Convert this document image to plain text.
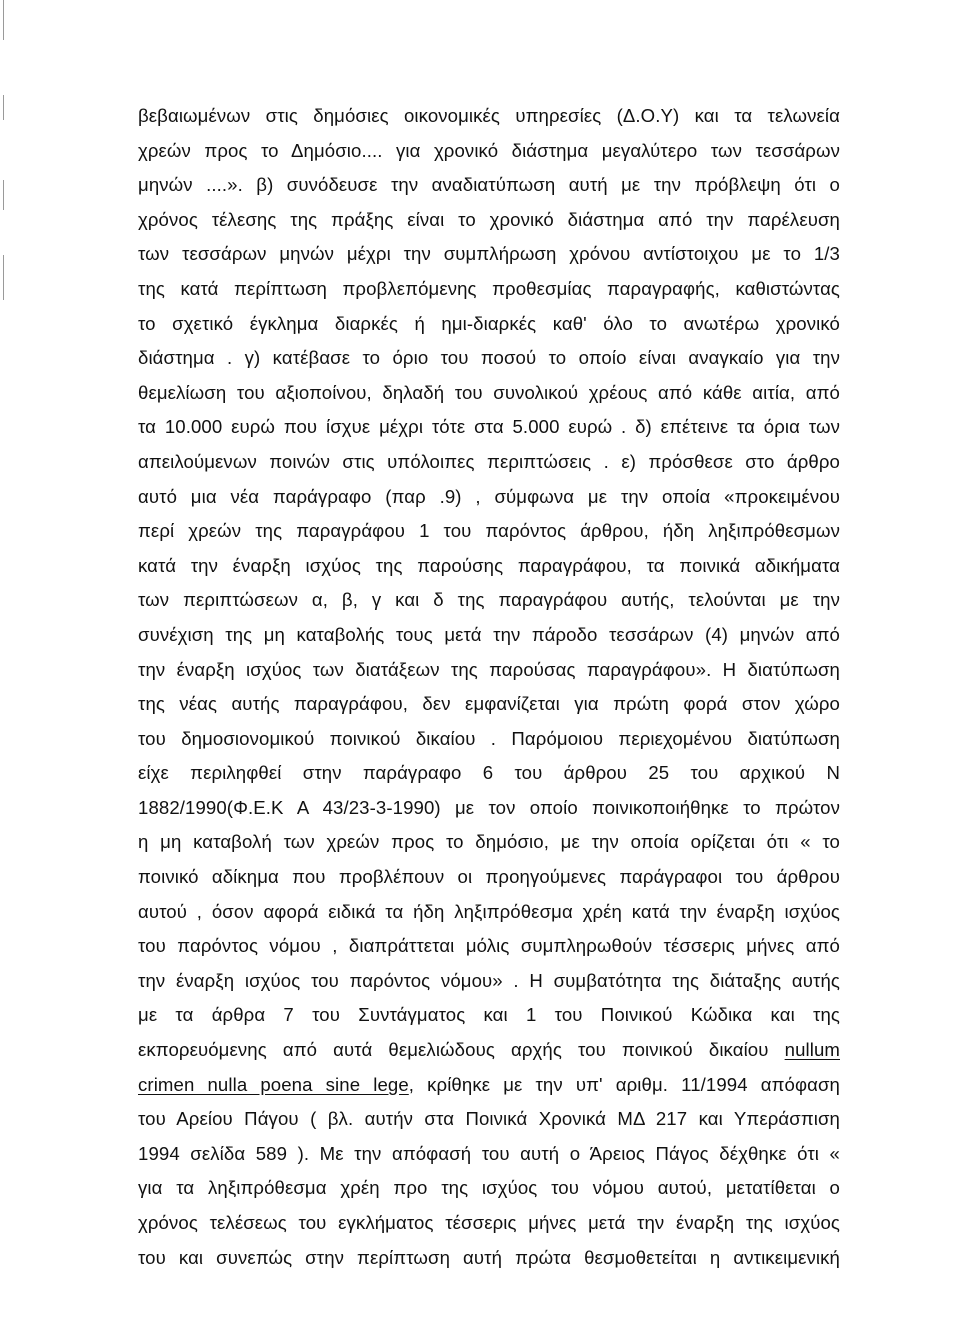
βεβαιωμένων στις δημόσιες οικονομικές υπηρεσίες (Δ.Ο.Υ) και τα τελωνεία
χρεών προς το Δημόσιο.... για χρονικό διάστημα μεγαλύτερο των τεσσάρων
μηνών ....». β) συνόδευσε την αναδιατύπωση αυτή με την πρόβλεψη ότι ο
χρόνος τέλεσης της πράξης είναι το χρονικό διάστημα από την παρέλευση
των τεσσάρων μηνών μέχρι την συμπλήρωση χρόνου αντίστοιχου με το 1/3
της κατά περίπτωση προβλεπόμενης προθεσμίας παραγραφής, καθιστώντας
το σχετικό έγκλημα διαρκές ή ημι-διαρκές καθ' όλο το ανωτέρω χρονικό
διάστημα . γ) κατέβασε το όριο του ποσού το οποίο είναι αναγκαίο για την
θεμελίωση του αξιοποίνου, δηλαδή του συνολικού χρέους από κάθε αιτία, από
τα 10.000 ευρώ που ίσχυε μέχρι τότε στα 5.000 ευρώ . δ) επέτεινε τα όρια των
απειλούμενων ποινών στις υπόλοιπες περιπτώσεις . ε) πρόσθεσε στο άρθρο
αυτό μια νέα παράγραφο (παρ .9) , σύμφωνα με την οποία «προκειμένου
περί χρεών της παραγράφου 1 του παρόντος άρθρου, ήδη ληξιπρόθεσμων
κατά την έναρξη ισχύος της παρούσης παραγράφου, τα ποινικά αδικήματα
των περιπτώσεων α, β, γ και δ της παραγράφου αυτής, τελούνται με την
συνέχιση της μη καταβολής τους μετά την πάροδο τεσσάρων (4) μηνών από
την έναρξη ισχύος των διατάξεων της παρούσας παραγράφου». Η διατύπωση
της νέας αυτής παραγράφου, δεν εμφανίζεται για πρώτη φορά στον χώρο
του δημοσιονομικού ποινικού δικαίου . Παρόμοιου περιεχομένου διατύπωση
είχε περιληφθεί στην παράγραφο 6 του άρθρου 25 του αρχικού Ν
1882/1990(Φ.Ε.Κ Α 43/23-3-1990) με τον οποίο ποινικοποιήθηκε το πρώτον
η μη καταβολή των χρεών προς το δημόσιο, με την οποία ορίζεται ότι « το
ποινικό αδίκημα που προβλέπουν οι προηγούμενες παράγραφοι του άρθρου
αυτού , όσον αφορά ειδικά τα ήδη ληξιπρόθεσμα χρέη κατά την έναρξη ισχύος
του παρόντος νόμου , διαπράττεται μόλις συμπληρωθούν τέσσερις μήνες από
την έναρξη ισχύος του παρόντος νόμου» . Η συμβατότητα της διάταξης αυτής
με τα άρθρα 7 του Συντάγματος και 1 του Ποινικού Κώδικα και της
εκπορευόμενης από αυτά θεμελιώδους αρχής του ποινικού δικαίου nullum
crimen nulla poena sine lege, κρίθηκε με την υπ' αριθμ. 11/1994 απόφαση
του Αρείου Πάγου ( βλ. αυτήν στα Ποινικά Χρονικά ΜΔ 217 και Υπεράσπιση
1994 σελίδα 589 ). Με την απόφασή του αυτή ο Άρειος Πάγος δέχθηκε ότι «
για τα ληξιπρόθεσμα χρέη προ της ισχύος του νόμου αυτού, μετατίθεται ο
χρόνος τελέσεως του εγκλήματος τέσσερις μήνες μετά την έναρξη της ισχύος
του και συνεπώς στην περίπτωση αυτή πρώτα θεσμοθετείται η αντικειμενική
